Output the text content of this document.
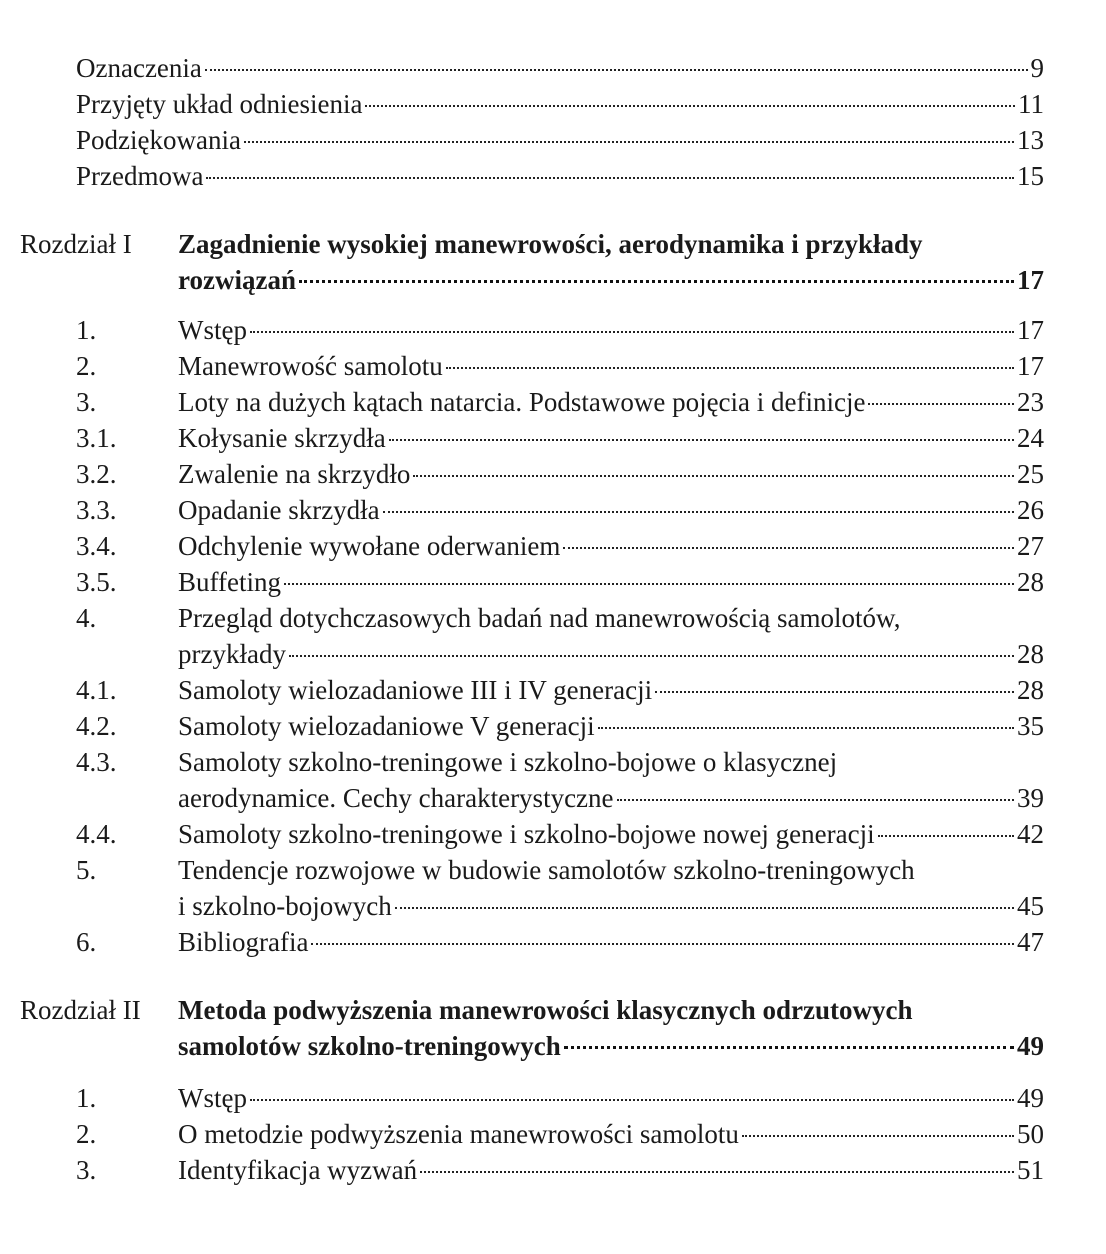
Oznaczenia	9
Przyjęty układ odniesienia	11
Podziękowania	13
Przedmowa	15
Rozdział I Zagadnienie wysokiej manewrowości, aerodynamika i przykłady
rozwiązań	17
1.	Wstęp	17
2.	Manewrowość samolotu	17
3.	Loty na dużych kątach natarcia. Podstawowe pojęcia i definicje	23
3.1. Kołysanie skrzydła	24
3.2. Zwalenie na skrzydło	25
3.3. Opadanie skrzydła	26
3.4. Odchylenie wywołane oderwaniem	27
3.5. Buffeting	28
4.	Przegląd dotychczasowych badań nad manewrowością samolotów,
przykłady	28
4.1. Samoloty wielozadaniowe III i IV generacji	28
4.2. Samoloty wielozadaniowe V generacji	35
4.3. Samoloty szkolno-treningowe i szkolno-bojowe o klasycznej
aerodynamice. Cechy charakterystyczne	39
4.4. Samoloty szkolno-treningowe i szkolno-bojowe nowej generacji	42
5.	Tendencje rozwojowe w budowie samolotów szkolno-treningowych
i szkolno-bojowych	45
6.	Bibliografia	47
Rozdział II Metoda podwyższenia manewrowości klasycznych odrzutowych
samolotów szkolno-treningowych	49
1.	Wstęp	49
2.	O metodzie podwyższenia manewrowości samolotu	50
3.	Identyfikacja wyzwań	51
